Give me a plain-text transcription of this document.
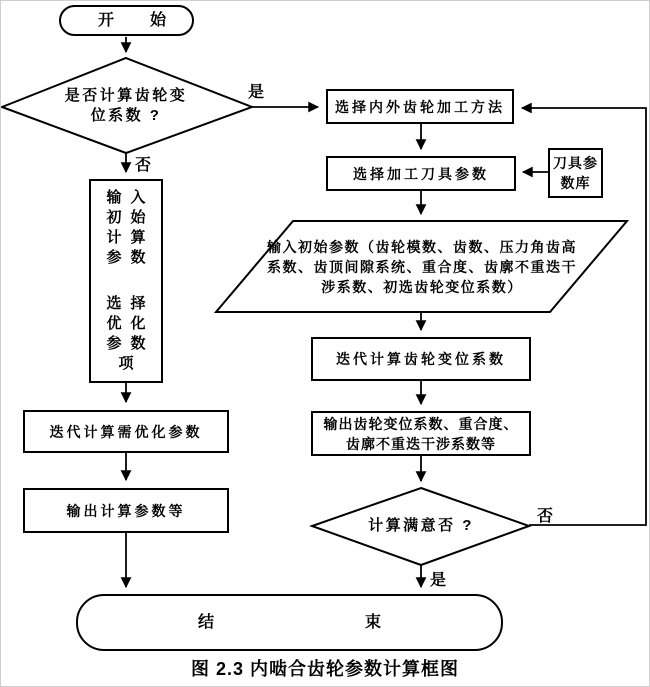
开 始
是否计算齿轮变
位系数 ?
是
否
否
是
输 入
初 始
计 算
参 数
选 择
优 化
参 数
项
迭代计算需优化参数
输出计算参数等
选择内外齿轮加工方法
选择加工刀具参数
刀具参数库
输入初始参数（齿轮模数、齿数、压力角齿高
系数、齿顶间隙系统、重合度、齿廓不重迭干
涉系数、初选齿轮变位系数）
迭代计算齿轮变位系数
输出齿轮变位系数、重合度、
齿廓不重迭干涉系数等
计算满意否 ?
结	束
图 2.3 内啮合齿轮参数计算框图
